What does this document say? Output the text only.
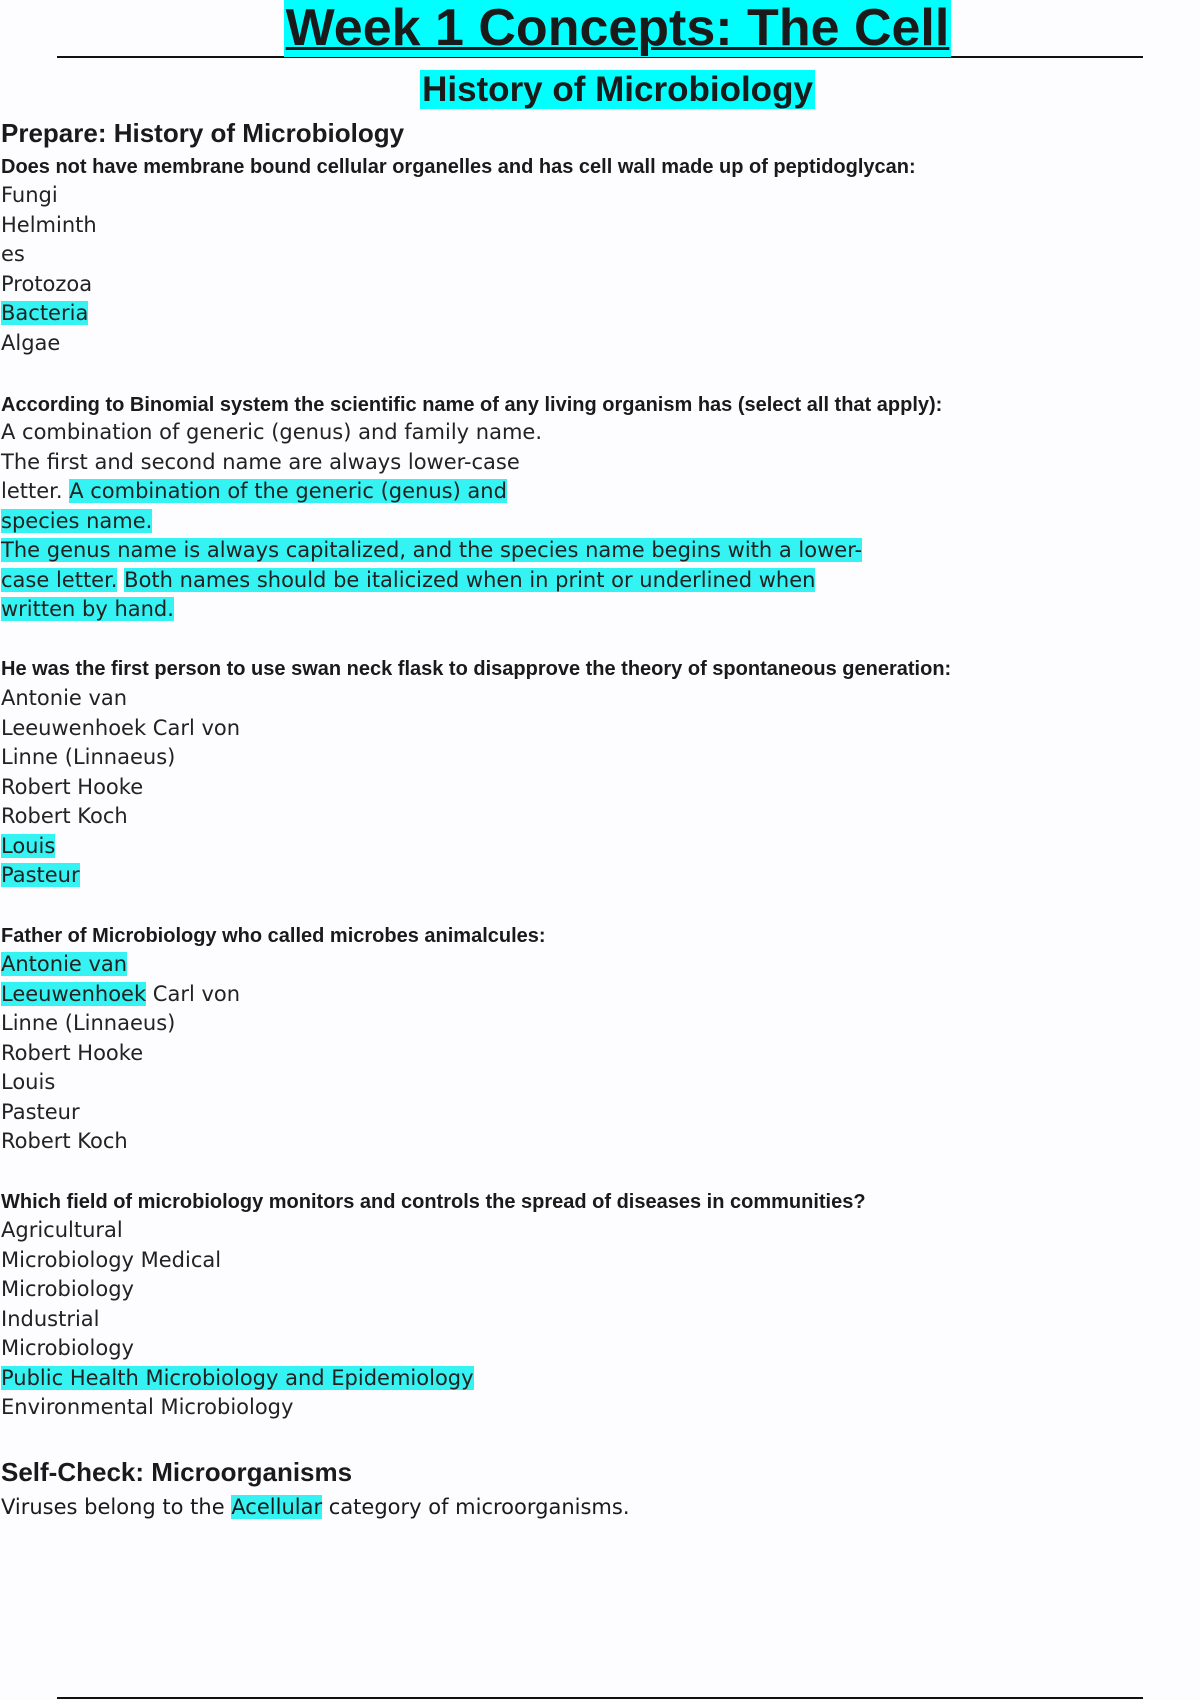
Week 1 Concepts: The Cell
History of Microbiology
Prepare: History of Microbiology

Does not have membrane bound cellular organelles and has cell wall made up of peptidoglycan:

Fungi
Helminth
es
Protozoa
Bacteria
Algae

According to Binomial system the scientific name of any living organism has (select all that apply):

A combination of generic (genus) and family name.
The first and second name are always lower-case
letter. A combination of the generic (genus) and
species name.
The genus name is always capitalized, and the species name begins with a lower-
case letter. Both names should be italicized when in print or underlined when
written by hand.

He was the first person to use swan neck flask to disapprove the theory of spontaneous generation:

Antonie van
Leeuwenhoek Carl von
Linne (Linnaeus)
Robert Hooke
Robert Koch
Louis
Pasteur

Father of Microbiology who called microbes animalcules:

Antonie van
Leeuwenhoek Carl von
Linne (Linnaeus)
Robert Hooke
Louis
Pasteur
Robert Koch

Which field of microbiology monitors and controls the spread of diseases in communities?

Agricultural
Microbiology Medical
Microbiology
Industrial
Microbiology
Public Health Microbiology and Epidemiology
Environmental Microbiology
Self-Check: Microorganisms

Viruses belong to the Acellular category of microorganisms.
